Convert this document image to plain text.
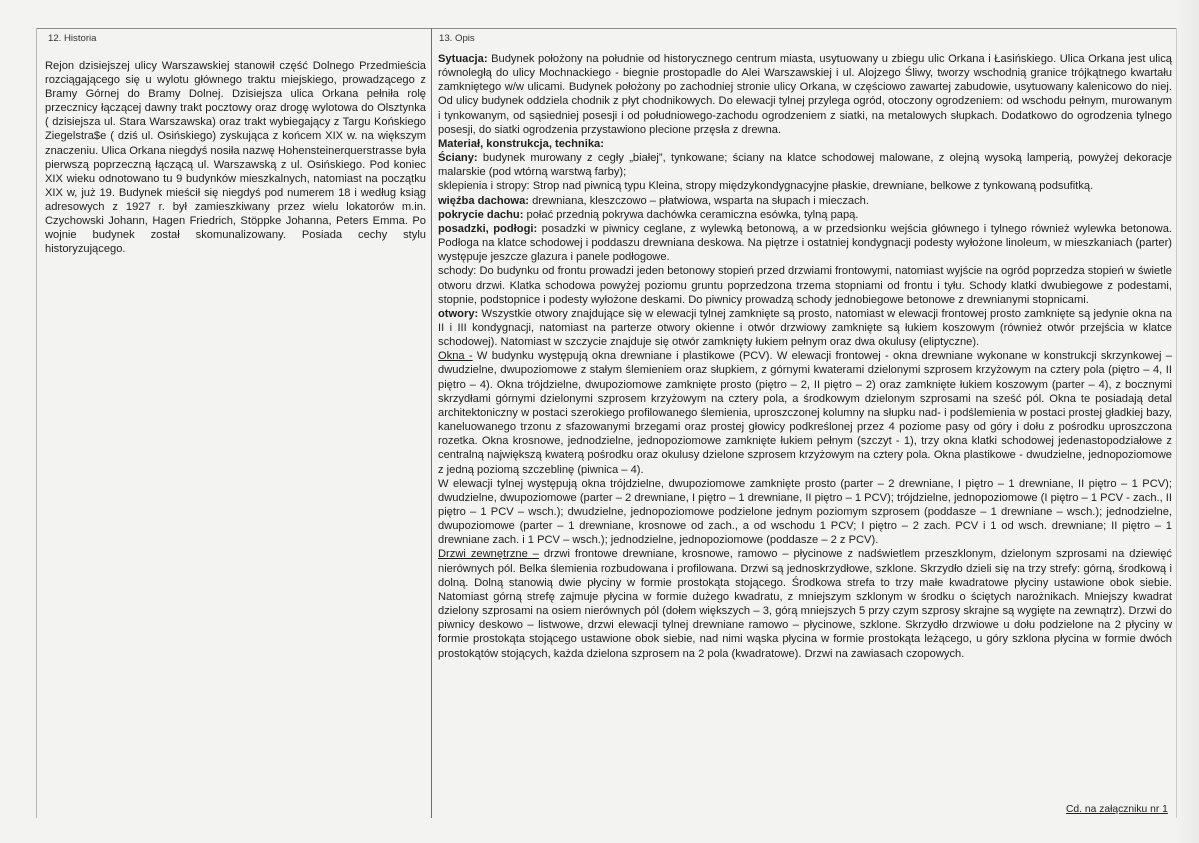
12. Historia	13. Opis

Rejon dzisiejszej ulicy Warszawskiej stanowił część Dolnego Przedmieścia rozciągającego się u wylotu głównego traktu miejskiego, prowadzącego z Bramy Górnej do Bramy Dolnej. Dzisiejsza ulica Orkana pełniła rolę przecznicy łączącej dawny trakt pocztowy oraz drogę wylotowa do Olsztynka ( dzisiejsza ul. Stara Warszawska) oraz trakt wybiegający z Targu Końskiego Ziegelstra$e ( dziś ul. Osińskiego) zyskująca z końcem XIX w. na większym znaczeniu. Ulica Orkana niegdyś nosiła nazwę Hohensteinerquerstrasse była pierwszą poprzeczną łączącą ul. Warszawską z ul. Osińskiego. Pod koniec XIX wieku odnotowano tu 9 budynków mieszkalnych, natomiast na początku XIX w, już 19. Budynek mieścił się niegdyś pod numerem 18 i według ksiąg adresowych z 1927 r. był zamieszkiwany przez wielu lokatorów m.in. Czychowski Johann, Hagen Friedrich, Stöppke Johanna, Peters Emma. Po wojnie budynek został skomunalizowany. Posiada cechy stylu historyzującego.

Sytuacja: Budynek położony na południe od historycznego centrum miasta, usytuowany u zbiegu ulic Orkana i Łasińskiego. Ulica Orkana jest ulicą równoległą do ulicy Mochnackiego - biegnie prostopadle do Alei Warszawskiej i ul. Alojzego Śliwy, tworzy wschodnią granice trójkątnego kwartału zamkniętego w/w ulicami. Budynek położony po zachodniej stronie ulicy Orkana, w częściowo zawartej zabudowie, usytuowany kalenicowo do niej. Od ulicy budynek oddziela chodnik z płyt chodnikowych. Do elewacji tylnej przylega ogród, otoczony ogrodzeniem: od wschodu pełnym, murowanym i tynkowanym, od sąsiedniej posesji i od południowego-zachodu ogrodzeniem z siatki, na metalowych słupkach. Dodatkowo do ogrodzenia tylnego posesji, do siatki ogrodzenia przystawiono plecione przęsła z drewna.

Materiał, konstrukcja, technika:

Ściany: budynek murowany z cegły „białej”, tynkowane; ściany na klatce schodowej malowane, z olejną wysoką lamperią, powyżej dekoracje malarskie (pod wtórną warstwą farby);

sklepienia i stropy: Strop nad piwnicą typu Kleina, stropy międzykondygnacyjne płaskie, drewniane, belkowe z tynkowaną podsufitką.

więźba dachowa: drewniana, kleszczowo – płatwiowa, wsparta na słupach i mieczach.

pokrycie dachu: połać przednią pokrywa dachówka ceramiczna esówka, tylną papą.

posadzki, podłogi: posadzki w piwnicy ceglane, z wylewką betonową, a w przedsionku wejścia głównego i tylnego również wylewka betonowa. Podłoga na klatce schodowej i poddaszu drewniana deskowa. Na piętrze i ostatniej kondygnacji podesty wyłożone linoleum, w mieszkaniach (parter) występuje jeszcze glazura i panele podłogowe.

schody: Do budynku od frontu prowadzi jeden betonowy stopień przed drzwiami frontowymi, natomiast wyjście na ogród poprzedza stopień w świetle otworu drzwi. Klatka schodowa powyżej poziomu gruntu poprzedzona trzema stopniami od frontu i tyłu. Schody klatki dwubiegowe z podestami, stopnie, podstopnice i podesty wyłożone deskami. Do piwnicy prowadzą schody jednobiegowe betonowe z drewnianymi stopnicami.

otwory: Wszystkie otwory znajdujące się w elewacji tylnej zamknięte są prosto, natomiast w elewacji frontowej prosto zamknięte są jedynie okna na II i III kondygnacji, natomiast na parterze otwory okienne i otwór drzwiowy zamknięte są łukiem koszowym (również otwór przejścia w klatce schodowej). Natomiast w szczycie znajduje się otwór zamknięty łukiem pełnym oraz dwa okulusy (eliptyczne).

Okna - W budynku występują okna drewniane i plastikowe (PCV). W elewacji frontowej - okna drewniane wykonane w konstrukcji skrzynkowej – dwudzielne, dwupoziomowe z stałym ślemieniem oraz słupkiem, z górnymi kwaterami dzielonymi szprosem krzyżowym na cztery pola (piętro – 4, II piętro – 4). Okna trójdzielne, dwupoziomowe zamknięte prosto (piętro – 2, II piętro – 2) oraz zamknięte łukiem koszowym (parter – 4), z bocznymi skrzydłami górnymi dzielonymi szprosem krzyżowym na cztery pola, a środkowym dzielonym szprosami na sześć pól. Okna te posiadają detal architektoniczny w postaci szerokiego profilowanego ślemienia, uproszczonej kolumny na słupku nad- i podślemienia w postaci prostej gładkiej bazy, kaneluowanego trzonu z sfazowanymi brzegami oraz prostej głowicy podkreślonej przez 4 poziome pasy od góry i dołu z pośrodku uproszczona rozetka. Okna krosnowe, jednodzielne, jednopoziomowe zamknięte łukiem pełnym (szczyt - 1), trzy okna klatki schodowej jedenastopodziałowe z centralną największą kwaterą pośrodku oraz okulusy dzielone szprosem krzyżowym na cztery pola. Okna plastikowe - dwudzielne, jednopoziomowe z jedną poziomą szczeblinę (piwnica – 4).

W elewacji tylnej występują okna trójdzielne, dwupoziomowe zamknięte prosto (parter – 2 drewniane, I piętro – 1 drewniane, II piętro – 1 PCV); dwudzielne, dwupoziomowe (parter – 2 drewniane, I piętro – 1 drewniane, II piętro – 1 PCV); trójdzielne, jednopoziomowe (I piętro – 1 PCV - zach., II piętro – 1 PCV – wsch.); dwudzielne, jednopoziomowe podzielone jednym poziomym szprosem (poddasze – 1 drewniane – wsch.); jednodzielne, dwupoziomowe (parter – 1 drewniane, krosnowe od zach., a od wschodu 1 PCV; I piętro – 2 zach. PCV i 1 od wsch. drewniane; II piętro – 1 drewniane zach. i 1 PCV – wsch.); jednodzielne, jednopoziomowe (poddasze – 2 z PCV).

Drzwi zewnętrzne – drzwi frontowe drewniane, krosnowe, ramowo – płycinowe z nadświetlem przeszklonym, dzielonym szprosami na dziewięć nierównych pól. Belka ślemienia rozbudowana i profilowana. Drzwi są jednoskrzydłowe, szklone. Skrzydło dzieli się na trzy strefy: górną, środkową i dolną. Dolną stanowią dwie płyciny w formie prostokąta stojącego. Środkowa strefa to trzy małe kwadratowe płyciny ustawione obok siebie. Natomiast górną strefę zajmuje płycina w formie dużego kwadratu, z mniejszym szklonym w środku o ściętych narożnikach. Mniejszy kwadrat dzielony szprosami na osiem nierównych pól (dołem większych – 3, górą mniejszych 5 przy czym szprosy skrajne są wygięte na zewnątrz). Drzwi do piwnicy deskowo – listwowe, drzwi elewacji tylnej drewniane ramowo – płycinowe, szklone. Skrzydło drzwiowe u dołu podzielone na 2 płyciny w formie prostokąta stojącego ustawione obok siebie, nad nimi wąska płycina w formie prostokąta leżącego, u góry szklona płycina w formie dwóch prostokątów stojących, każda dzielona szprosem na 2 pola (kwadratowe). Drzwi na zawiasach czopowych.

Cd. na załączniku nr 1
